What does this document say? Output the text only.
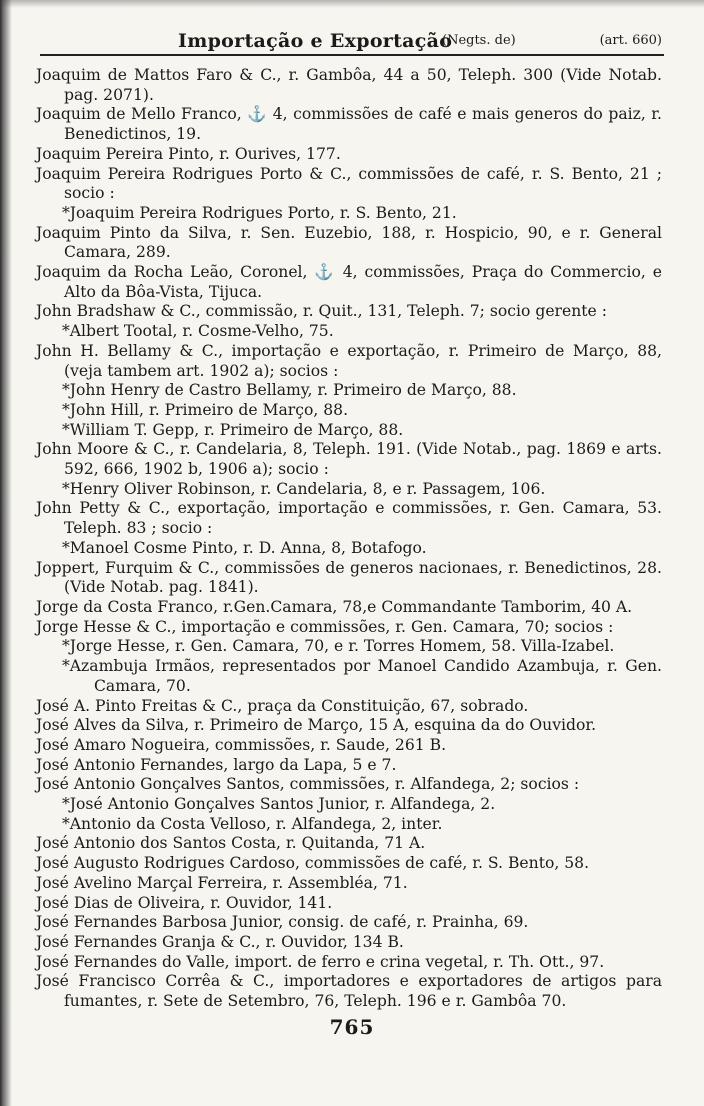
Importação e Exportação
(Negts. de)	(art. 660)
Joaquim de Mattos Faro & C., r. Gambôa, 44 a 50, Teleph. 300 (Vide Notab. pag. 2071).
Joaquim de Mello Franco, ⚓ 4, commissões de café e mais generos do paiz, r. Benedictinos, 19.
Joaquim Pereira Pinto, r. Ourives, 177.
Joaquim Pereira Rodrigues Porto & C., commissões de café, r. S. Bento, 21 ; socio :
*Joaquim Pereira Rodrigues Porto, r. S. Bento, 21.
Joaquim Pinto da Silva, r. Sen. Euzebio, 188, r. Hospicio, 90, e r. General Camara, 289.
Joaquim da Rocha Leão, Coronel, ⚓ 4, commissões, Praça do Commercio, e Alto da Bôa-Vista, Tijuca.
John Bradshaw & C., commissão, r. Quit., 131, Teleph. 7; socio gerente :
*Albert Tootal, r. Cosme-Velho, 75.
John H. Bellamy & C., importação e exportação, r. Primeiro de Março, 88, (veja tambem art. 1902 a); socios :
*John Henry de Castro Bellamy, r. Primeiro de Março, 88.
*John Hill, r. Primeiro de Março, 88.
*William T. Gepp, r. Primeiro de Março, 88.
John Moore & C., r. Candelaria, 8, Teleph. 191. (Vide Notab., pag. 1869 e arts. 592, 666, 1902 b, 1906 a); socio :
*Henry Oliver Robinson, r. Candelaria, 8, e r. Passagem, 106.
John Petty & C., exportação, importação e commissões, r. Gen. Camara, 53. Teleph. 83 ; socio :
*Manoel Cosme Pinto, r. D. Anna, 8, Botafogo.
Joppert, Furquim & C., commissões de generos nacionaes, r. Benedictinos, 28. (Vide Notab. pag. 1841).
Jorge da Costa Franco, r.Gen.Camara, 78,e Commandante Tamborim, 40 A.
Jorge Hesse & C., importação e commissões, r. Gen. Camara, 70; socios :
*Jorge Hesse, r. Gen. Camara, 70, e r. Torres Homem, 58. Villa-Izabel.
*Azambuja Irmãos, representados por Manoel Candido Azambuja, r. Gen. Camara, 70.
José A. Pinto Freitas & C., praça da Constituição, 67, sobrado.
José Alves da Silva, r. Primeiro de Março, 15 A, esquina da do Ouvidor.
José Amaro Nogueira, commissões, r. Saude, 261 B.
José Antonio Fernandes, largo da Lapa, 5 e 7.
José Antonio Gonçalves Santos, commissões, r. Alfandega, 2; socios :
*José Antonio Gonçalves Santos Junior, r. Alfandega, 2.
*Antonio da Costa Velloso, r. Alfandega, 2, inter.
José Antonio dos Santos Costa, r. Quitanda, 71 A.
José Augusto Rodrigues Cardoso, commissões de café, r. S. Bento, 58.
José Avelino Marçal Ferreira, r. Assembléa, 71.
José Dias de Oliveira, r. Ouvidor, 141.
José Fernandes Barbosa Junior, consig. de café, r. Prainha, 69.
José Fernandes Granja & C., r. Ouvidor, 134 B.
José Fernandes do Valle, import. de ferro e crina vegetal, r. Th. Ott., 97.
José Francisco Corrêa & C., importadores e exportadores de artigos para fumantes, r. Sete de Setembro, 76, Teleph. 196 e r. Gambôa 70.
765
